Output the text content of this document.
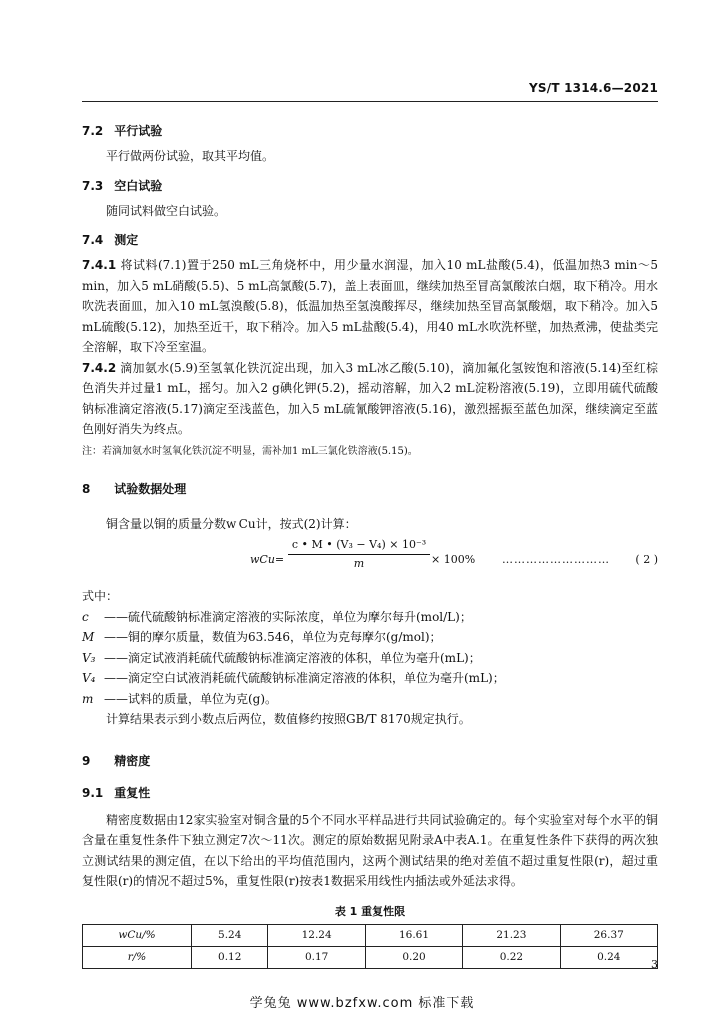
YS/T 1314.6—2021
7.2 平行试验

平行做两份试验，取其平均值。

7.3 空白试验

随同试料做空白试验。

7.4 测定

7.4.1 将试料(7.1)置于250 mL三角烧杯中，用少量水润湿，加入10 mL盐酸(5.4)，低温加热3 min～5 min，加入5 mL硝酸(5.5)、5 mL高氯酸(5.7)，盖上表面皿，继续加热至冒高氯酸浓白烟，取下稍冷。用水吹洗表面皿，加入10 mL氢溴酸(5.8)，低温加热至氢溴酸挥尽，继续加热至冒高氯酸烟，取下稍冷。加入5 mL硫酸(5.12)，加热至近干，取下稍冷。加入5 mL盐酸(5.4)，用40 mL水吹洗杯壁，加热煮沸，使盐类完全溶解，取下冷至室温。

7.4.2 滴加氨水(5.9)至氢氧化铁沉淀出现，加入3 mL冰乙酸(5.10)，滴加氟化氢铵饱和溶液(5.14)至红棕色消失并过量1 mL，摇匀。加入2 g碘化钾(5.2)，摇动溶解，加入2 mL淀粉溶液(5.19)，立即用硫代硫酸钠标准滴定溶液(5.17)滴定至浅蓝色，加入5 mL硫氰酸钾溶液(5.16)，激烈摇振至蓝色加深，继续滴定至蓝色刚好消失为终点。

注：若滴加氨水时氢氧化铁沉淀不明显，需补加1 mL三氯化铁溶液(5.15)。

8 试验数据处理

铜含量以铜的质量分数w Cu计，按式(2)计算：

wCu=
c • M • (V₃ − V₄) × 10⁻³
m	× 100% ……………………… ( 2 )

式中：

c	——硫代硫酸钠标准滴定溶液的实际浓度，单位为摩尔每升(mol/L)；
M ——铜的摩尔质量，数值为63.546，单位为克每摩尔(g/mol)；
V₃ ——滴定试液消耗硫代硫酸钠标准滴定溶液的体积，单位为毫升(mL)；
V₄ ——滴定空白试液消耗硫代硫酸钠标准滴定溶液的体积，单位为毫升(mL)；
m ——试料的质量，单位为克(g)。

计算结果表示到小数点后两位，数值修约按照GB/T 8170规定执行。

9 精密度
9.1 重复性

精密度数据由12家实验室对铜含量的5个不同水平样品进行共同试验确定的。每个实验室对每个水平的铜含量在重复性条件下独立测定7次～11次。测定的原始数据见附录A中表A.1。在重复性条件下获得的两次独立测试结果的测定值，在以下给出的平均值范围内，这两个测试结果的绝对差值不超过重复性限(r)，超过重复性限(r)的情况不超过5%，重复性限(r)按表1数据采用线性内插法或外延法求得。

表 1 重复性限
wCu/%	5.24	12.24	16.61	21.23	26.37
r/%	0.12	0.17	0.20	0.22	0.24
3
学兔兔 www.bzfxw.com 标准下载
